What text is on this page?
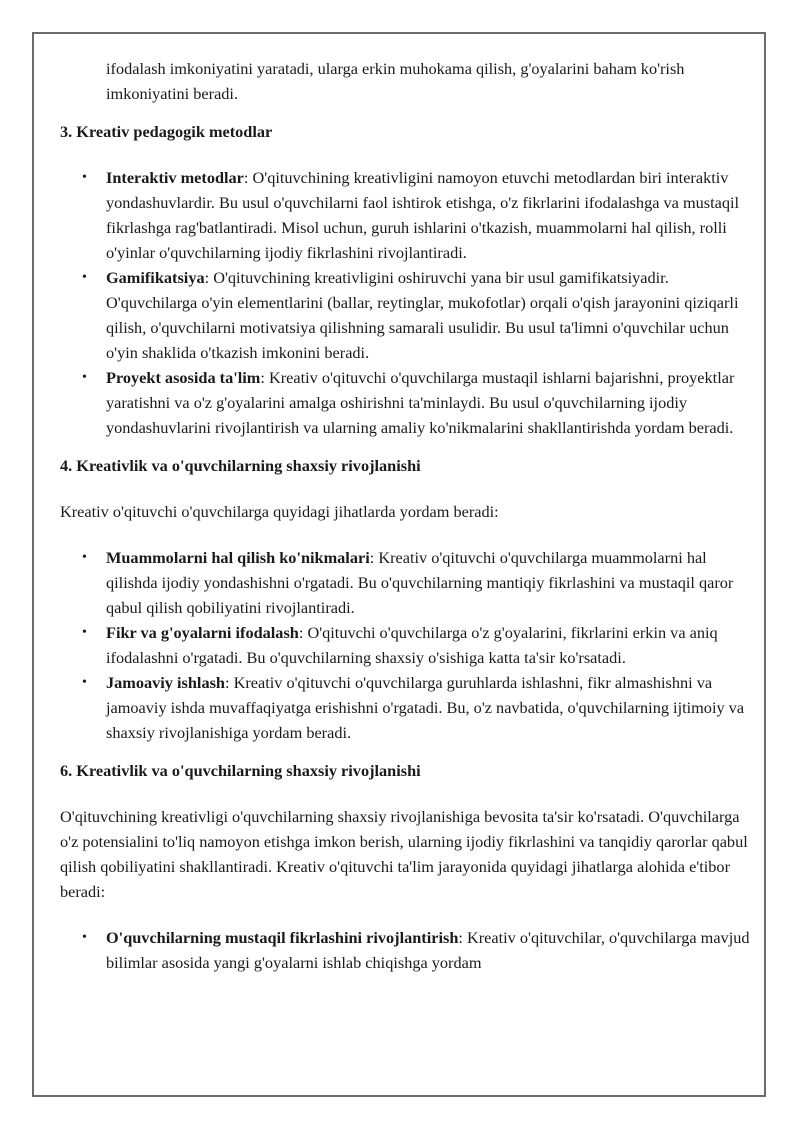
ifodalash imkoniyatini yaratadi, ularga erkin muhokama qilish, g'oyalarini baham ko'rish imkoniyatini beradi.

3. Kreativ pedagogik metodlar
• Interaktiv metodlar: O'qituvchining kreativligini namoyon etuvchi metodlardan biri interaktiv yondashuvlardir. Bu usul o'quvchilarni faol ishtirok etishga, o'z fikrlarini ifodalashga va mustaqil fikrlashga rag'batlantiradi. Misol uchun, guruh ishlarini o'tkazish, muammolarni hal qilish, rolli o'yinlar o'quvchilarning ijodiy fikrlashini rivojlantiradi.
• Gamifikatsiya: O'qituvchining kreativligini oshiruvchi yana bir usul gamifikatsiyadir. O'quvchilarga o'yin elementlarini (ballar, reytinglar, mukofotlar) orqali o'qish jarayonini qiziqarli qilish, o'quvchilarni motivatsiya qilishning samarali usulidir. Bu usul ta'limni o'quvchilar uchun o'yin shaklida o'tkazish imkonini beradi.
• Proyekt asosida ta'lim: Kreativ o'qituvchi o'quvchilarga mustaqil ishlarni bajarishni, proyektlar yaratishni va o'z g'oyalarini amalga oshirishni ta'minlaydi. Bu usul o'quvchilarning ijodiy yondashuvlarini rivojlantirish va ularning amaliy ko'nikmalarini shakllantirishda yordam beradi.
4. Kreativlik va o'quvchilarning shaxsiy rivojlanishi

Kreativ o'qituvchi o'quvchilarga quyidagi jihatlarda yordam beradi:

• Muammolarni hal qilish ko'nikmalari: Kreativ o'qituvchi o'quvchilarga muammolarni hal qilishda ijodiy yondashishni o'rgatadi. Bu o'quvchilarning mantiqiy fikrlashini va mustaqil qaror qabul qilish qobiliyatini rivojlantiradi.
• Fikr va g'oyalarni ifodalash: O'qituvchi o'quvchilarga o'z g'oyalarini, fikrlarini erkin va aniq ifodalashni o'rgatadi. Bu o'quvchilarning shaxsiy o'sishiga katta ta'sir ko'rsatadi.
• Jamoaviy ishlash: Kreativ o'qituvchi o'quvchilarga guruhlarda ishlashni, fikr almashishni va jamoaviy ishda muvaffaqiyatga erishishni o'rgatadi. Bu, o'z navbatida, o'quvchilarning ijtimoiy va shaxsiy rivojlanishiga yordam beradi.
6. Kreativlik va o'quvchilarning shaxsiy rivojlanishi

O'qituvchining kreativligi o'quvchilarning shaxsiy rivojlanishiga bevosita ta'sir ko'rsatadi. O'quvchilarga o'z potensialini to'liq namoyon etishga imkon berish, ularning ijodiy fikrlashini va tanqidiy qarorlar qabul qilish qobiliyatini shakllantiradi. Kreativ o'qituvchi ta'lim jarayonida quyidagi jihatlarga alohida e'tibor beradi:

• O'quvchilarning mustaqil fikrlashini rivojlantirish: Kreativ o'qituvchilar, o'quvchilarga mavjud bilimlar asosida yangi g'oyalarni ishlab chiqishga yordam
